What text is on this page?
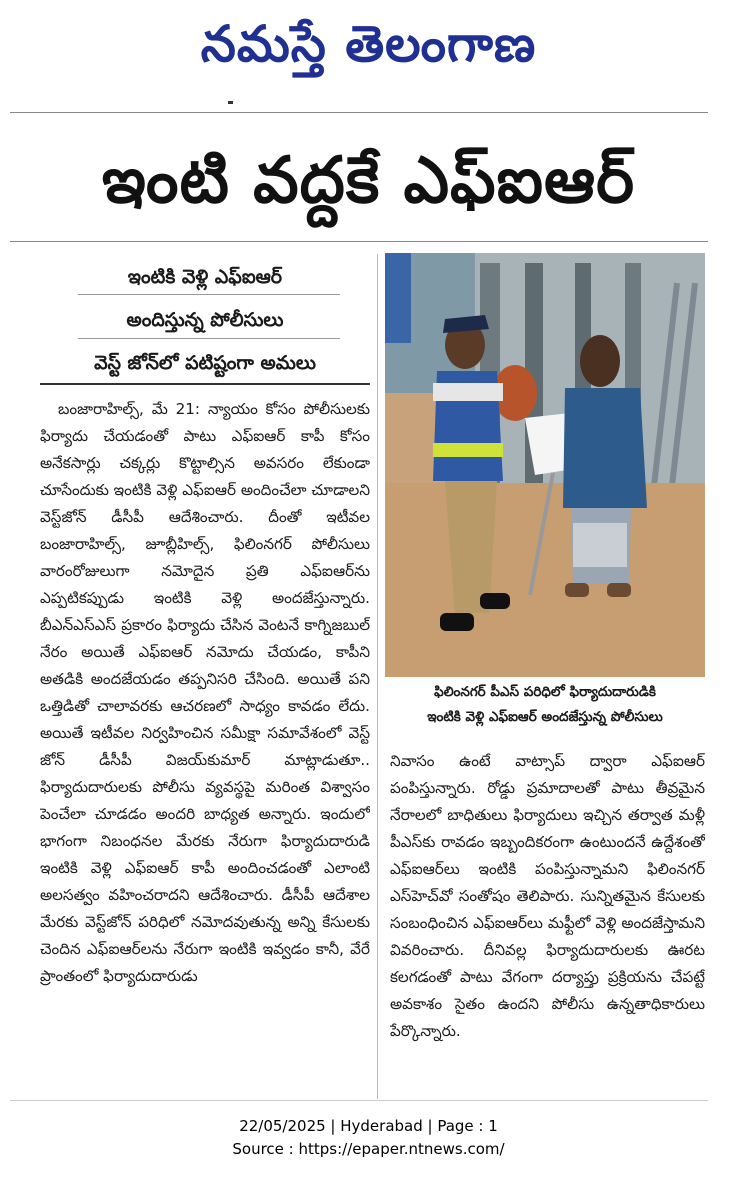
నమస్తే తెలంగాణ
ఇంటి వద్దకే ఎఫ్ఐఆర్
ఇంటికి వెళ్లి ఎఫ్ఐఆర్
అందిస్తున్న పోలీసులు
వెస్ట్ జోన్‌లో పటిష్టంగా అమలు

బంజారాహిల్స్, మే 21: న్యాయం కోసం పోలీసులకు ఫిర్యాదు చేయడంతో పాటు ఎఫ్ఐఆర్ కాపీ కోసం అనేకసార్లు చక్కర్లు కొట్టాల్సిన అవసరం లేకుండా చూసేందుకు ఇంటికి వెళ్లి ఎఫ్ఐఆర్ అందించేలా చూడాలని వెస్ట్‌జోన్ డీసీపీ ఆదేశించారు. దీంతో ఇటీవల బంజారాహిల్స్, జూబ్లీహిల్స్, ఫిలింనగర్ పోలీసులు వారంరోజులుగా నమోదైన ప్రతి ఎఫ్ఐఆర్‌ను ఎప్పటికప్పుడు ఇంటికి వెళ్లి అందజేస్తున్నారు. బీఎన్ఎస్ఎస్ ప్రకారం ఫిర్యాదు చేసిన వెంటనే కాగ్నిజబుల్ నేరం అయితే ఎఫ్ఐఆర్ నమోదు చేయడం, కాపీని అతడికి అందజేయడం తప్పనిసరి చేసింది. అయితే పని ఒత్తిడితో చాలావరకు ఆచరణలో సాధ్యం కావడం లేదు. అయితే ఇటీవల నిర్వహించిన సమీక్షా సమావేశంలో వెస్ట్ జోన్ డీసీపీ విజయ్‌కుమార్ మాట్లాడుతూ.. ఫిర్యాదుదారులకు పోలీసు వ్యవస్థపై మరింత విశ్వాసం పెంచేలా చూడడం అందరి బాధ్యత అన్నారు. ఇందులో భాగంగా నిబంధనల మేరకు నేరుగా ఫిర్యాదుదారుడి ఇంటికి వెళ్లి ఎఫ్ఐఆర్ కాపీ అందించడంతో ఎలాంటి అలసత్వం వహించరాదని ఆదేశించారు. డీసీపీ ఆదేశాల మేరకు వెస్ట్‌జోన్ పరిధిలో నమోదవుతున్న అన్ని కేసులకు చెందిన ఎఫ్ఐఆర్‌లను నేరుగా ఇంటికి ఇవ్వడం కానీ, వేరే ప్రాంతంలో ఫిర్యాదుదారుడు

ఫిలింనగర్ పీఎస్ పరిధిలో ఫిర్యాదుదారుడికి
ఇంటికి వెళ్లి ఎఫ్ఐఆర్ అందజేస్తున్న పోలీసులు

నివాసం ఉంటే వాట్సాప్ ద్వారా ఎఫ్ఐఆర్ పంపిస్తున్నారు. రోడ్డు ప్రమాదాలతో పాటు తీవ్రమైన నేరాలలో బాధితులు ఫిర్యాదులు ఇచ్చిన తర్వాత మళ్లీ పీఎస్‌కు రావడం ఇబ్బందికరంగా ఉంటుందనే ఉద్దేశంతో ఎఫ్ఐఆర్‌లు ఇంటికి పంపిస్తున్నామని ఫిలింనగర్ ఎస్‌హెచ్‌వో సంతోషం తెలిపారు. సున్నితమైన కేసులకు సంబంధించిన ఎఫ్ఐఆర్‌లు మఫ్టీలో వెళ్లి అందజేస్తామని వివరించారు. దీనివల్ల ఫిర్యాదుదారులకు ఊరట కలగడంతో పాటు వేగంగా దర్యాప్తు ప్రక్రియను చేపట్టే అవకాశం సైతం ఉందని పోలీసు ఉన్నతాధికారులు పేర్కొన్నారు.

22/05/2025 | Hyderabad | Page : 1
Source : https://epaper.ntnews.com/
